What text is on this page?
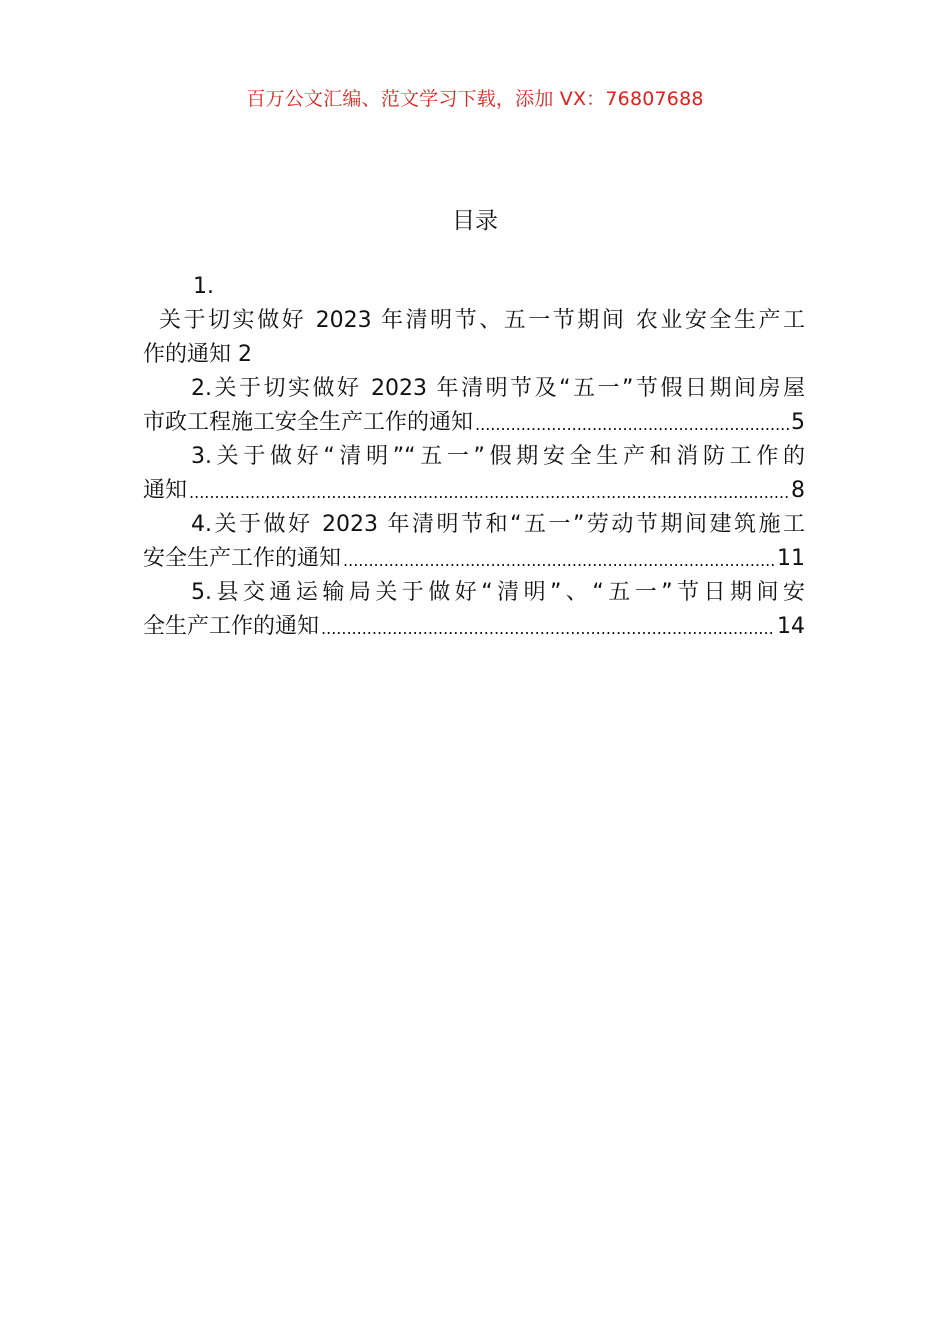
百万公文汇编、范文学习下载，添加 VX：76807688
目录
1.
关于切实做好 2023 年清明节、五一节期间 农业安全生产工
作的通知 2
2.关于切实做好 2023 年清明节及“五一”节假日期间房屋
市政工程施工安全生产工作的通知 .....	5
3.关于做好“清明”“五一”假期安全生产和消防工作的
通知 .....	8
4.关于做好 2023 年清明节和“五一”劳动节期间建筑施工
安全生产工作的通知 .....	11
5.县交通运输局关于做好“清明”、“五一”节日期间安
全生产工作的通知 .....	14
